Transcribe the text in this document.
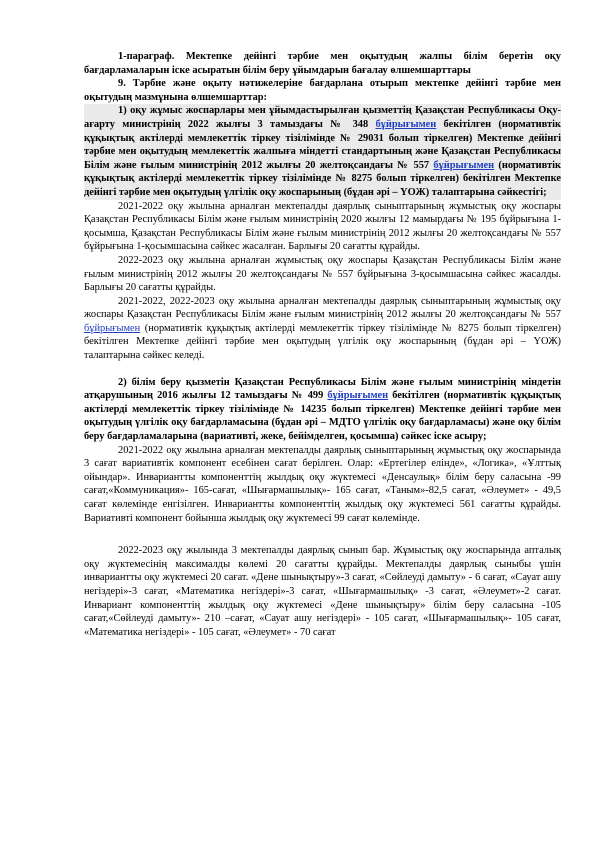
1-параграф. Мектепке дейінгі тәрбие мен оқытудың жалпы білім беретін оқу бағдарламаларын іске асыратын білім беру ұйымдарын бағалау өлшемшарттары

9. Тәрбие және оқыту нәтижелеріне бағдарлана отырып мектепке дейінгі тәрбие мен оқытудың мазмұнына өлшемшарттар:

1) оқу жұмыс жоспарлары мен ұйымдастырылған қызметтің Қазақстан Республикасы Оқу-ағарту министрінің 2022 жылғы 3 тамыздағы № 348 бұйрығымен бекітілген (нормативтік құқықтық актілерді мемлекеттік тіркеу тізілімінде № 29031 болып тіркелген) Мектепке дейінгі тәрбие мен оқытудың мемлекеттік жалпыға міндетті стандартының және Қазақстан Республикасы Білім және ғылым министрінің 2012 жылғы 20 желтоқсандағы № 557 бұйрығымен (нормативтік құқықтық актілерді мемлекеттік тіркеу тізілімінде № 8275 болып тіркелген) бекітілген Мектепке дейінгі тәрбие мен оқытудың үлгілік оқу жоспарының (бұдан әрі – ҮОЖ) талаптарына сәйкестігі;

2021-2022 оқу жылына арналған мектепалды даярлық сыныптарының жұмыстық оқу жоспары Қазақстан Республикасы Білім және ғылым министрінің 2020 жылғы 12 мамырдағы № 195 бұйрығына 1-қосымша, Қазақстан Республикасы Білім және ғылым министрінің 2012 жылғы 20 желтоқсандағы № 557 бұйрығына 1-қосымшасына сәйкес жасалған. Барлығы 20 сағатты құрайды.

2022-2023 оқу жылына арналған жұмыстық оқу жоспары Қазақстан Республикасы Білім және ғылым министрінің 2012 жылғы 20 желтоқсандағы № 557 бұйрығына 3-қосымшасына сәйкес жасалды. Барлығы 20 сағатты құрайды.

2021-2022, 2022-2023 оқу жылына арналған мектепалды даярлық сыныптарының жұмыстық оқу жоспары Қазақстан Республикасы Білім және ғылым министрінің 2012 жылғы 20 желтоқсандағы № 557 бұйрығымен (нормативтік құқықтық актілерді мемлекеттік тіркеу тізілімінде № 8275 болып тіркелген) бекітілген Мектепке дейінгі тәрбие мен оқытудың үлгілік оқу жоспарының (бұдан әрі – ҮОЖ) талаптарына сәйкес келеді.

2) білім беру қызметін Қазақстан Республикасы Білім және ғылым министрінің міндетін атқарушының 2016 жылғы 12 тамыздағы № 499 бұйрығымен бекітілген (нормативтік құқықтық актілерді мемлекеттік тіркеу тізілімінде № 14235 болып тіркелген) Мектепке дейінгі тәрбие мен оқытудың үлгілік оқу бағдарламасына (бұдан әрі – МДТО үлгілік оқу бағдарламасы) және оқу білім беру бағдарламаларына (вариативті, жеке, бейімделген, қосымша) сәйкес іске асыру;

2021-2022 оқу жылына арналған мектепалды даярлық сыныптарының жұмыстық оқу жоспарында 3 сағат вариативтік компонент есебінен сағат берілген. Олар: «Ертегілер елінде», «Логика», «Ұлттық ойындар». Инвариантты компоненттің жылдық оқу жүктемесі «Денсаулық» білім беру саласына -99 сағат,«Коммуникация»- 165-сағат, «Шығармашылық»- 165 сағат, «Таным»-82,5 сағат, «Әлеумет» - 49,5 сағат көлемінде енгізілген. Инвариантты компоненттің жылдық оқу жүктемесі 561 сағатты құрайды. Вариативті компонент бойынша жылдық оқу жүктемесі 99 сағат көлемінде.

2022-2023 оқу жылында 3 мектепалды даярлық сынып бар. Жұмыстық оқу жоспарында апталық оқу жүктемесінің максималды көлемі 20 сағатты құрайды. Мектепалды даярлық сыныбы үшін инвариантты оқу жүктемесі 20 сағат. «Дене шынықтыру»-3 сағат, «Сөйлеуді дамыту» - 6 сағат, «Сауат ашу негіздері»-3 сағат, «Математика негіздері»-3 сағат, «Шығармашылық» -3 сағат, «Әлеумет»-2 сағат. Инвариант компоненттің жылдық оқу жүктемесі «Дене шынықтыру» білім беру саласына -105 сағат,«Сөйлеуді дамыту»- 210 –сағат, «Сауат ашу негіздері» - 105 сағат, «Шығармашылық»- 105 сағат, «Математика негіздері» - 105 сағат, «Әлеумет» - 70 сағат
